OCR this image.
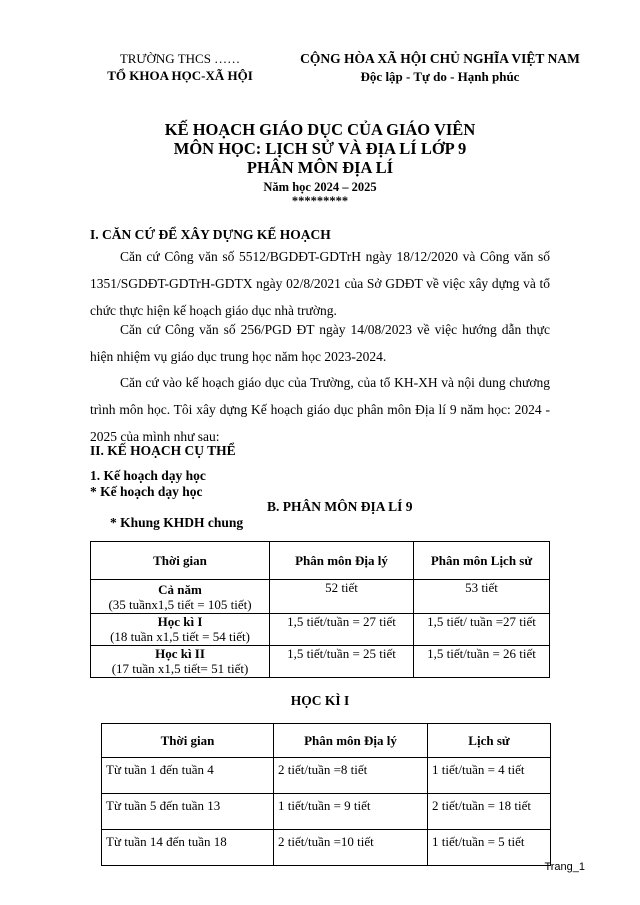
TRƯỜNG THCS ……
TỔ KHOA HỌC-XÃ HỘI
CỘNG HÒA XÃ HỘI CHỦ NGHĨA VIỆT NAM
Độc lập - Tự do - Hạnh phúc
KẾ HOẠCH GIÁO DỤC CỦA GIÁO VIÊN
MÔN HỌC: LỊCH SỬ VÀ ĐỊA LÍ LỚP 9
PHÂN MÔN ĐỊA LÍ
Năm học 2024 – 2025
*********
I. CĂN CỨ ĐỂ XÂY DỰNG KẾ HOẠCH
Căn cứ Công văn số 5512/BGDĐT-GDTrH ngày 18/12/2020 và Công văn số 1351/SGDĐT-GDTrH-GDTX ngày 02/8/2021 của Sở GDĐT về việc xây dựng và tổ chức thực hiện kế hoạch giáo dục nhà trường.
Căn cứ Công văn số 256/PGD ĐT ngày 14/08/2023 về việc hướng dẫn thực hiện nhiệm vụ giáo dục trung học năm học 2023-2024.
Căn cứ vào kế hoạch giáo dục của Trường, của tổ KH-XH và nội dung chương trình môn học. Tôi xây dựng Kế hoạch giáo dục phân môn Địa lí 9 năm học: 2024 - 2025 của mình như sau:
II. KẾ HOẠCH CỤ THỂ
1. Kế hoạch dạy học
* Kế hoạch dạy học
B. PHÂN MÔN ĐỊA LÍ 9
* Khung KHDH chung
Thời gian	Phân môn Địa lý	Phân môn Lịch sử

Cả năm
(35 tuầnx1,5 tiết = 105 tiết)	52 tiết	53 tiết

Học kì I
(18 tuần x1,5 tiết = 54 tiết)	1,5 tiết/tuần = 27 tiết	1,5 tiết/ tuần =27 tiết

Học kì II
(17 tuần x1,5 tiết= 51 tiết)	1,5 tiết/tuần = 25 tiết	1,5 tiết/tuần = 26 tiết
HỌC KÌ I
Thời gian	Phân môn Địa lý	Lịch sử
Từ tuần 1 đến tuần 4	2 tiết/tuần =8 tiết	1 tiết/tuần = 4 tiết
Từ tuần 5 đến tuần 13	1 tiết/tuần = 9 tiết	2 tiết/tuần = 18 tiết
Từ tuần 14 đến tuần 18	2 tiết/tuần =10 tiết	1 tiết/tuần = 5 tiết
Trang_1
